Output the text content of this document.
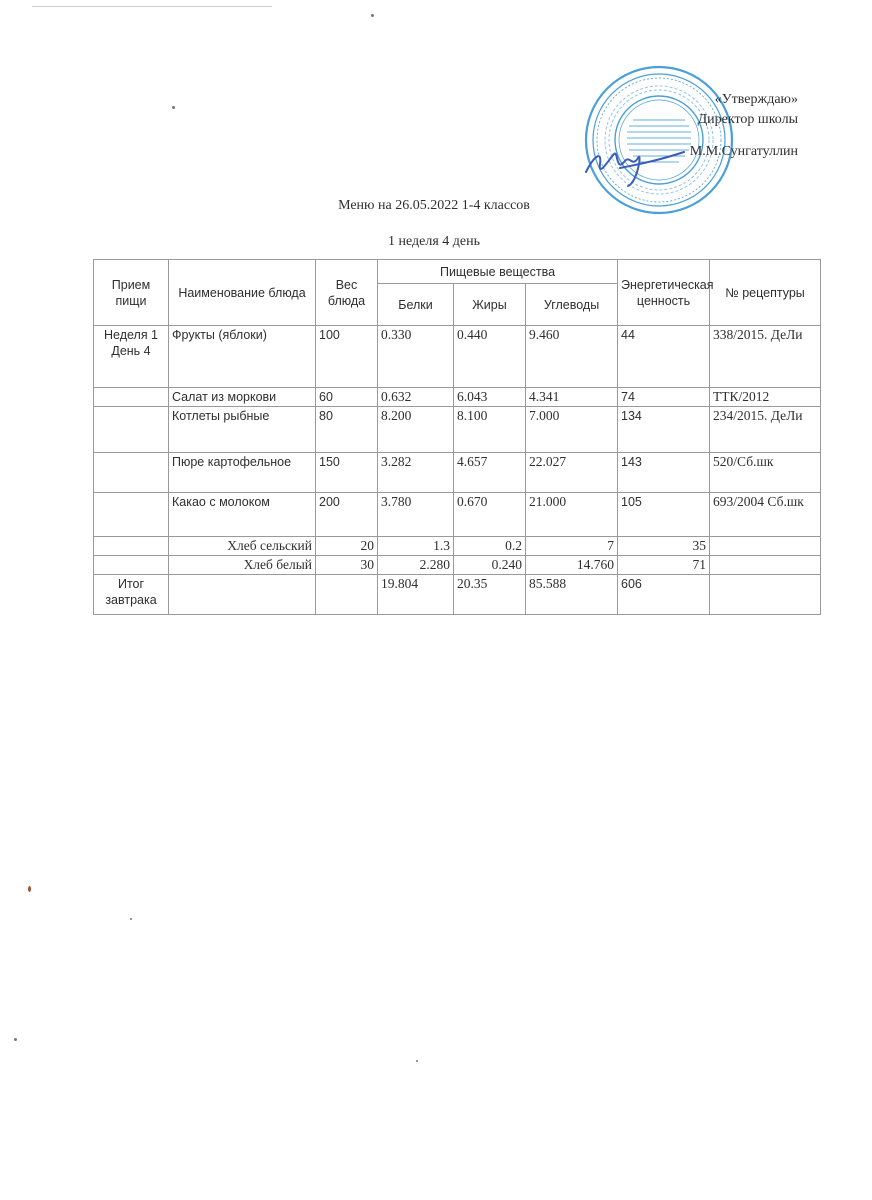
«Утверждаю»
Директор школы
М.М.Сунгатуллин
Меню на 26.05.2022 1-4 классов
1 неделя 4 день
Прием пищи	Наименование блюда	Вес блюда	Пищевые вещества			Энергетическая ценность	№ рецептуры
			Белки	Жиры	Углеводы		
Неделя 1 День 4	Фрукты (яблоки)	100	0.330	0.440	9.460	44	338/2015. ДеЛи
	Салат из моркови	60	0.632	6.043	4.341	74	ТТК/2012
	Котлеты рыбные	80	8.200	8.100	7.000	134	234/2015. ДеЛи
	Пюре картофельное	150	3.282	4.657	22.027	143	520/Сб.шк
	Какао с молоком	200	3.780	0.670	21.000	105	693/2004 Сб.шк
	Хлеб сельский	20	1.3	0.2	7	35	
	Хлеб белый	30	2.280	0.240	14.760	71	
Итог завтрака			19.804	20.35	85.588	606	
